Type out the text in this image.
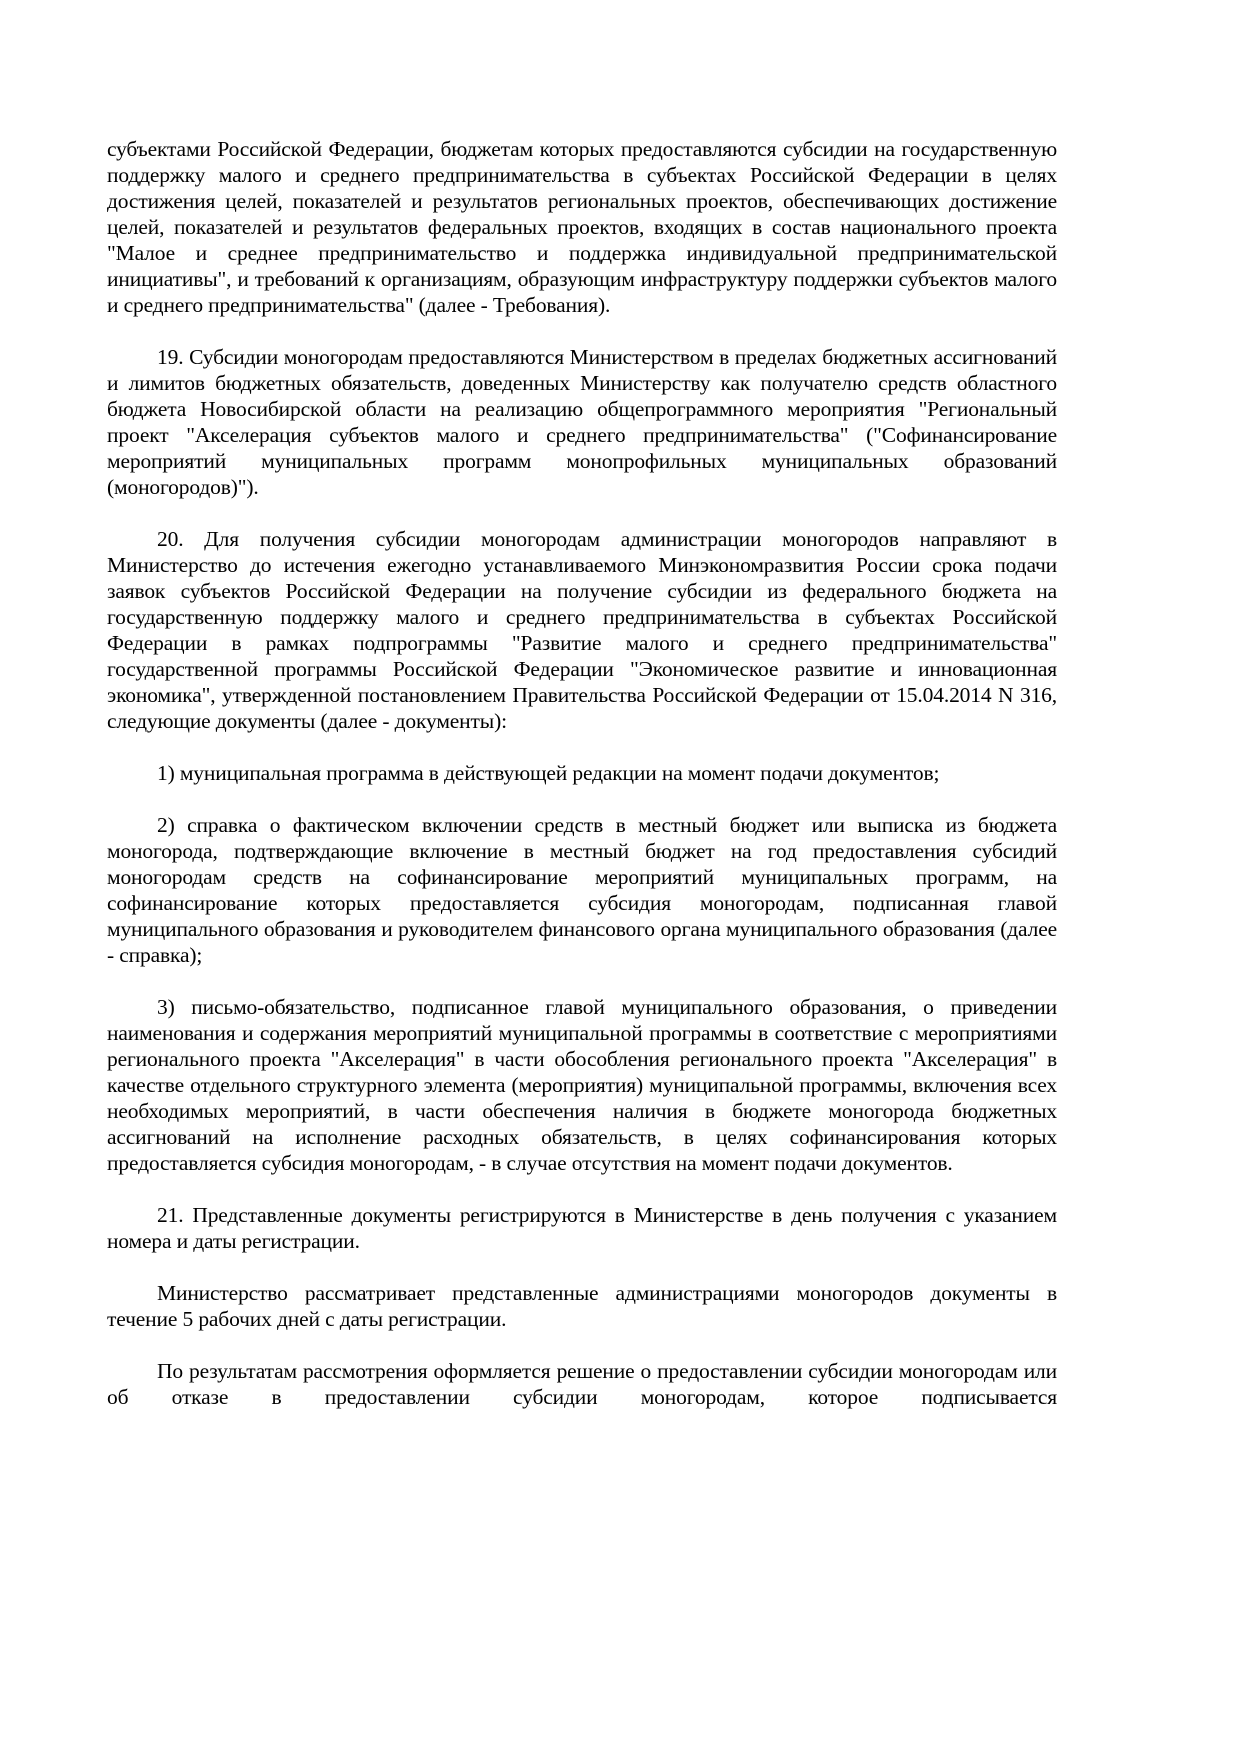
субъектами Российской Федерации, бюджетам которых предоставляются субсидии на государственную поддержку малого и среднего предпринимательства в субъектах Российской Федерации в целях достижения целей, показателей и результатов региональных проектов, обеспечивающих достижение целей, показателей и результатов федеральных проектов, входящих в состав национального проекта "Малое и среднее предпринимательство и поддержка индивидуальной предпринимательской инициативы", и требований к организациям, образующим инфраструктуру поддержки субъектов малого и среднего предпринимательства" (далее - Требования).

19. Субсидии моногородам предоставляются Министерством в пределах бюджетных ассигнований и лимитов бюджетных обязательств, доведенных Министерству как получателю средств областного бюджета Новосибирской области на реализацию общепрограммного мероприятия "Региональный проект "Акселерация субъектов малого и среднего предпринимательства" ("Софинансирование мероприятий муниципальных программ монопрофильных муниципальных образований (моногородов)").

20. Для получения субсидии моногородам администрации моногородов направляют в Министерство до истечения ежегодно устанавливаемого Минэкономразвития России срока подачи заявок субъектов Российской Федерации на получение субсидии из федерального бюджета на государственную поддержку малого и среднего предпринимательства в субъектах Российской Федерации в рамках подпрограммы "Развитие малого и среднего предпринимательства" государственной программы Российской Федерации "Экономическое развитие и инновационная экономика", утвержденной постановлением Правительства Российской Федерации от 15.04.2014 N 316, следующие документы (далее - документы):

1) муниципальная программа в действующей редакции на момент подачи документов;

2) справка о фактическом включении средств в местный бюджет или выписка из бюджета моногорода, подтверждающие включение в местный бюджет на год предоставления субсидий моногородам средств на софинансирование мероприятий муниципальных программ, на софинансирование которых предоставляется субсидия моногородам, подписанная главой муниципального образования и руководителем финансового органа муниципального образования (далее - справка);

3) письмо-обязательство, подписанное главой муниципального образования, о приведении наименования и содержания мероприятий муниципальной программы в соответствие с мероприятиями регионального проекта "Акселерация" в части обособления регионального проекта "Акселерация" в качестве отдельного структурного элемента (мероприятия) муниципальной программы, включения всех необходимых мероприятий, в части обеспечения наличия в бюджете моногорода бюджетных ассигнований на исполнение расходных обязательств, в целях софинансирования которых предоставляется субсидия моногородам, - в случае отсутствия на момент подачи документов.

21. Представленные документы регистрируются в Министерстве в день получения с указанием номера и даты регистрации.

Министерство рассматривает представленные администрациями моногородов документы в течение 5 рабочих дней с даты регистрации.

По результатам рассмотрения оформляется решение о предоставлении субсидии моногородам или об отказе в предоставлении субсидии моногородам, которое подписывается
